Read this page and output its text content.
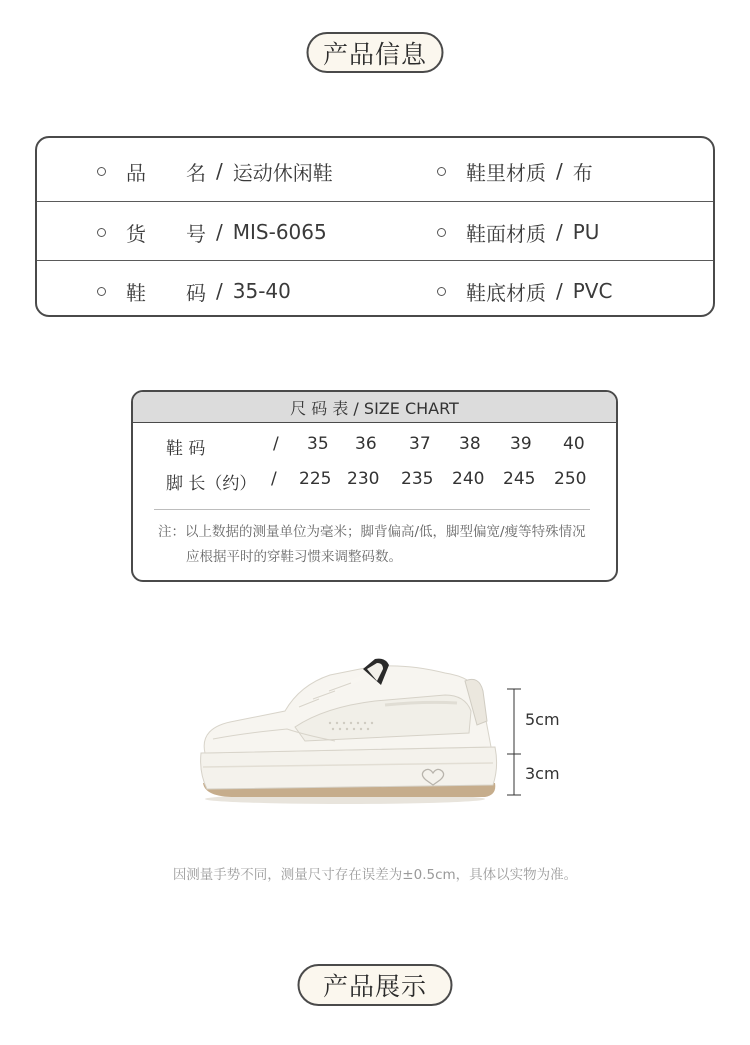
产品信息
品　　名 / 运动休闲鞋	鞋里材质 / 布
货　　号 / MIS-6065	鞋面材质 / PU
鞋　　码 / 35-40	鞋底材质 / PVC
尺 码 表 / SIZE CHART
鞋 码	/ 35 36 37 38 39 40
脚 长（约） / 225 230 235 240 245 250
注：以上数据的测量单位为毫米；脚背偏高/低，脚型偏宽/瘦等特殊情况
应根据平时的穿鞋习惯来调整码数。
5cm
3cm
因测量手势不同，测量尺寸存在误差为±0.5cm，具体以实物为准。
产品展示
